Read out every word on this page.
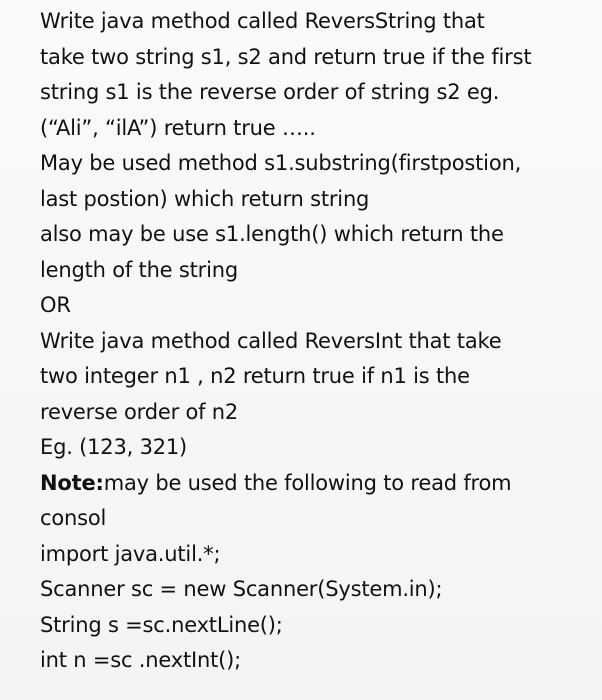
Write java method called ReversString that
take two string s1, s2 and return true if the first
string s1 is the reverse order of string s2 eg.
(“Ali”, “ilA”) return true …..
May be used method s1.substring(firstpostion,
last postion) which return string
also may be use s1.length() which return the
length of the string
OR
Write java method called ReversInt that take
two integer n1 , n2 return true if n1 is the
reverse order of n2
Eg. (123, 321)
Note:may be used the following to read from
consol
import java.util.*;
Scanner sc = new Scanner(System.in);
String s =sc.nextLine();
int n =sc .nextInt();
